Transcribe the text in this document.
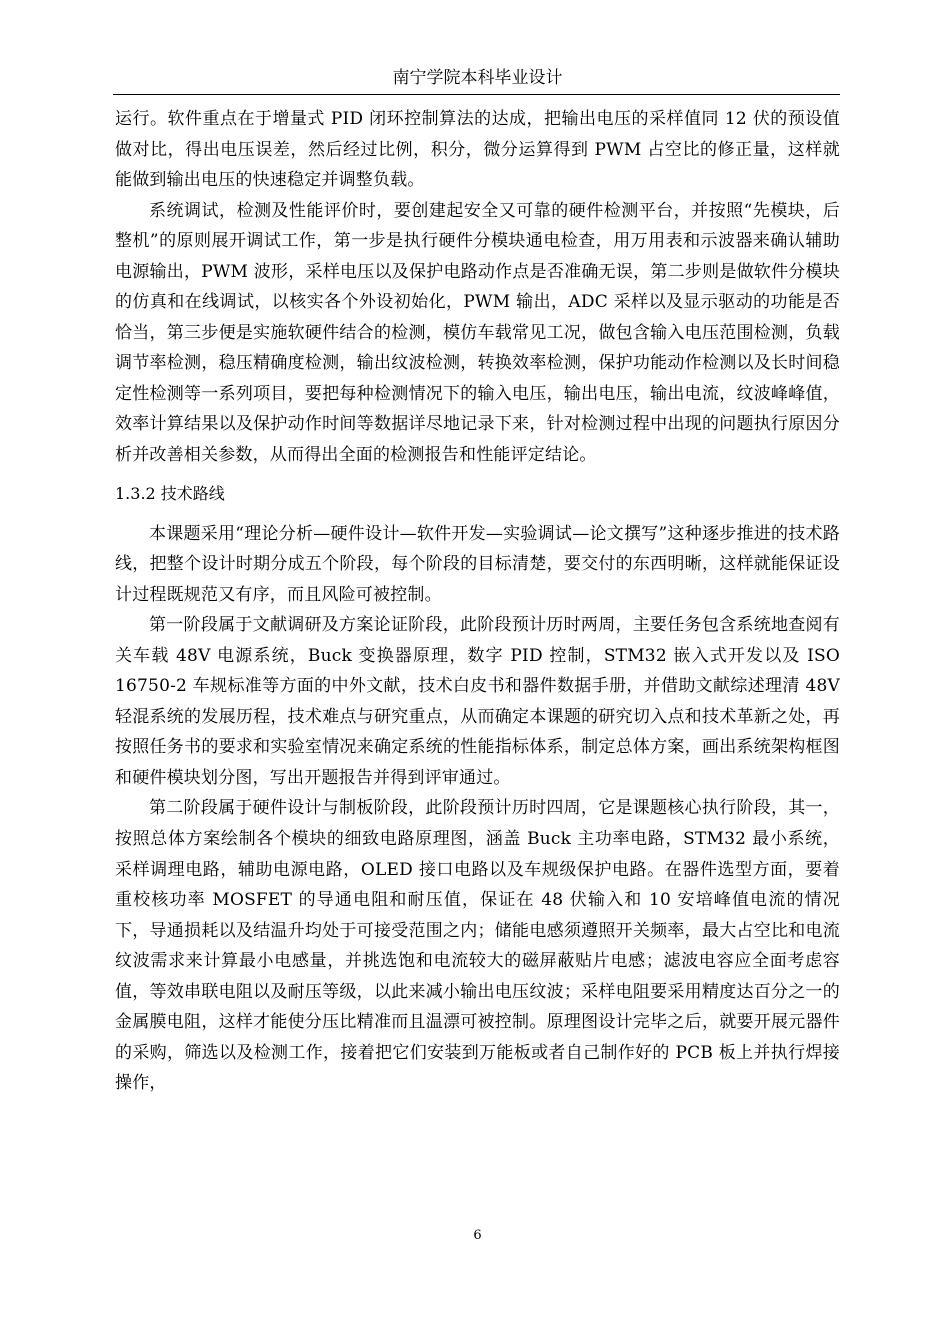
南宁学院本科毕业设计

运行。软件重点在于增量式 PID 闭环控制算法的达成，把输出电压的采样值同 12 伏的预设值做对比，得出电压误差，然后经过比例，积分，微分运算得到 PWM 占空比的修正量，这样就能做到输出电压的快速稳定并调整负载。

系统调试，检测及性能评价时，要创建起安全又可靠的硬件检测平台，并按照“先模块，后整机”的原则展开调试工作，第一步是执行硬件分模块通电检查，用万用表和示波器来确认辅助电源输出，PWM 波形，采样电压以及保护电路动作点是否准确无误，第二步则是做软件分模块的仿真和在线调试，以核实各个外设初始化，PWM 输出，ADC 采样以及显示驱动的功能是否恰当，第三步便是实施软硬件结合的检测，模仿车载常见工况，做包含输入电压范围检测，负载调节率检测，稳压精确度检测，输出纹波检测，转换效率检测，保护功能动作检测以及长时间稳定性检测等一系列项目，要把每种检测情况下的输入电压，输出电压，输出电流，纹波峰峰值，效率计算结果以及保护动作时间等数据详尽地记录下来，针对检测过程中出现的问题执行原因分析并改善相关参数，从而得出全面的检测报告和性能评定结论。

1.3.2 技术路线

本课题采用“理论分析—硬件设计—软件开发—实验调试—论文撰写”这种逐步推进的技术路线，把整个设计时期分成五个阶段，每个阶段的目标清楚，要交付的东西明晰，这样就能保证设计过程既规范又有序，而且风险可被控制。

第一阶段属于文献调研及方案论证阶段，此阶段预计历时两周，主要任务包含系统地查阅有关车载 48V 电源系统，Buck 变换器原理，数字 PID 控制，STM32 嵌入式开发以及 ISO 16750-2 车规标准等方面的中外文献，技术白皮书和器件数据手册，并借助文献综述理清 48V 轻混系统的发展历程，技术难点与研究重点，从而确定本课题的研究切入点和技术革新之处，再按照任务书的要求和实验室情况来确定系统的性能指标体系，制定总体方案，画出系统架构框图和硬件模块划分图，写出开题报告并得到评审通过。

第二阶段属于硬件设计与制板阶段，此阶段预计历时四周，它是课题核心执行阶段，其一，按照总体方案绘制各个模块的细致电路原理图，涵盖 Buck 主功率电路，STM32 最小系统，采样调理电路，辅助电源电路，OLED 接口电路以及车规级保护电路。在器件选型方面，要着重校核功率 MOSFET 的导通电阻和耐压值，保证在 48 伏输入和 10 安培峰值电流的情况下，导通损耗以及结温升均处于可接受范围之内；储能电感须遵照开关频率，最大占空比和电流纹波需求来计算最小电感量，并挑选饱和电流较大的磁屏蔽贴片电感；滤波电容应全面考虑容值，等效串联电阻以及耐压等级，以此来减小输出电压纹波；采样电阻要采用精度达百分之一的金属膜电阻，这样才能使分压比精准而且温漂可被控制。原理图设计完毕之后，就要开展元器件的采购，筛选以及检测工作，接着把它们安装到万能板或者自己制作好的 PCB 板上并执行焊接操作，

6
